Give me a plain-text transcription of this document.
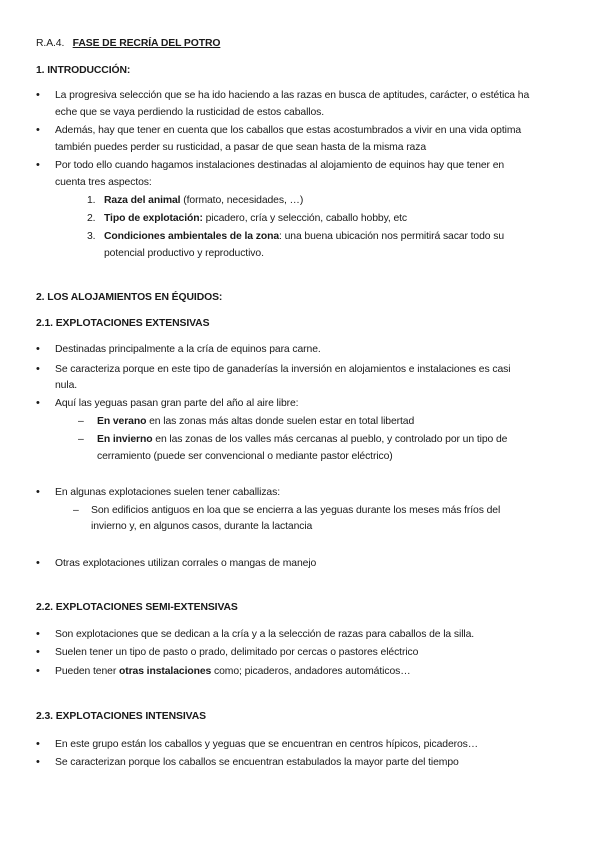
R.A.4. FASE DE RECRÍA DEL POTRO
1. INTRODUCCIÓN:
• La progresiva selección que se ha ido haciendo a las razas en busca de aptitudes, carácter, o estética ha
eche que se vaya perdiendo la rusticidad de estos caballos.
• Además, hay que tener en cuenta que los caballos que estas acostumbrados a vivir en una vida optima
también puedes perder su rusticidad, a pasar de que sean hasta de la misma raza
• Por todo ello cuando hagamos instalaciones destinadas al alojamiento de equinos hay que tener en
cuenta tres aspectos:
1. Raza del animal (formato, necesidades, …)
2. Tipo de explotación: picadero, cría y selección, caballo hobby, etc
3. Condiciones ambientales de la zona: una buena ubicación nos permitirá sacar todo su
potencial productivo y reproductivo.
2. LOS ALOJAMIENTOS EN ÉQUIDOS:
2.1. EXPLOTACIONES EXTENSIVAS
• Destinadas principalmente a la cría de equinos para carne.
• Se caracteriza porque en este tipo de ganaderías la inversión en alojamientos e instalaciones es casi
nula.
• Aquí las yeguas pasan gran parte del año al aire libre:
– En verano en las zonas más altas donde suelen estar en total libertad
– En invierno en las zonas de los valles más cercanas al pueblo, y controlado por un tipo de
cerramiento (puede ser convencional o mediante pastor eléctrico)
• En algunas explotaciones suelen tener caballizas:
– Son edificios antiguos en loa que se encierra a las yeguas durante los meses más fríos del
invierno y, en algunos casos, durante la lactancia
• Otras explotaciones utilizan corrales o mangas de manejo
2.2. EXPLOTACIONES SEMI-EXTENSIVAS
• Son explotaciones que se dedican a la cría y a la selección de razas para caballos de la silla.
• Suelen tener un tipo de pasto o prado, delimitado por cercas o pastores eléctrico
• Pueden tener otras instalaciones como; picaderos, andadores automáticos…
2.3. EXPLOTACIONES INTENSIVAS
• En este grupo están los caballos y yeguas que se encuentran en centros hípicos, picaderos…
• Se caracterizan porque los caballos se encuentran estabulados la mayor parte del tiempo
